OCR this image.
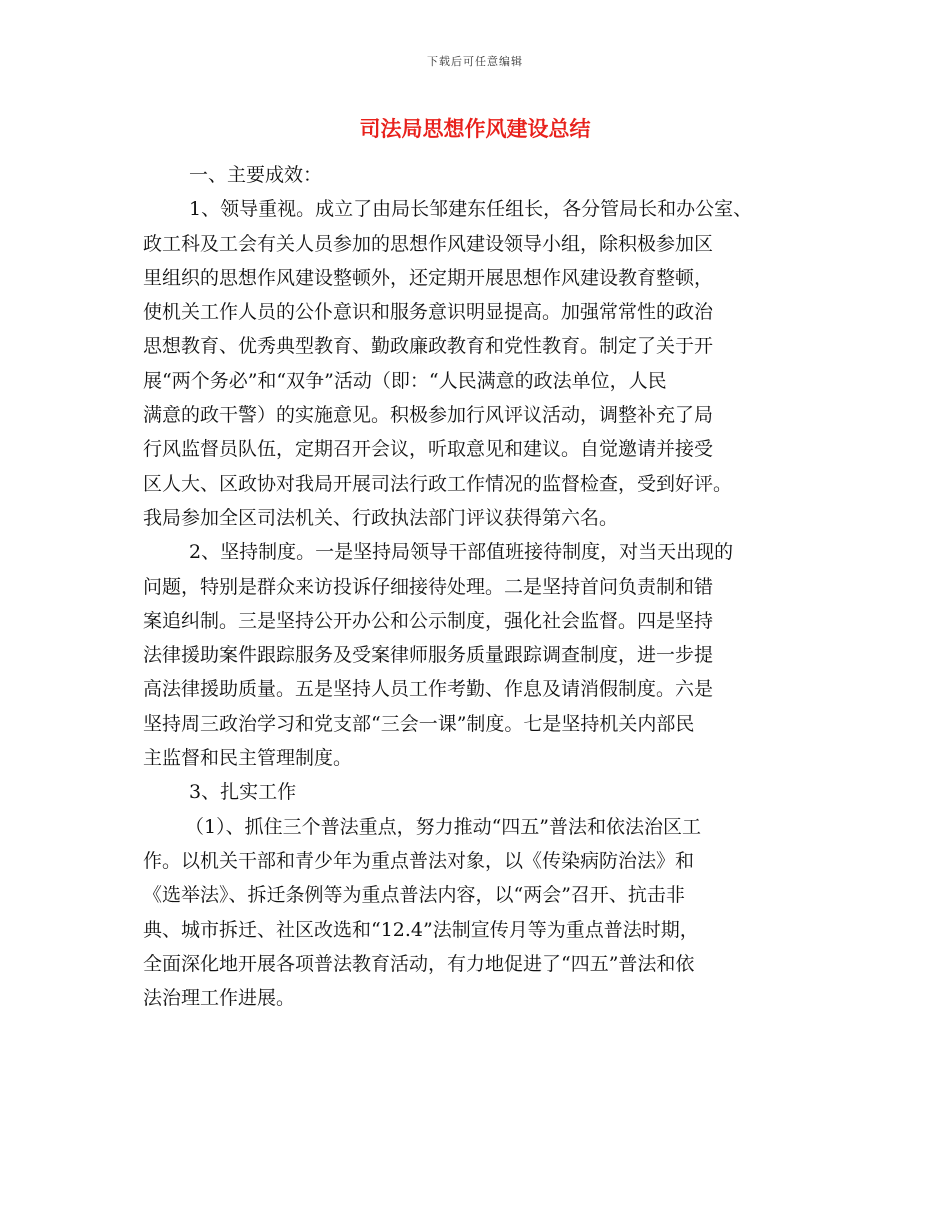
下载后可任意编辑
司法局思想作风建设总结
一、主要成效：
1、领导重视。成立了由局长邹建东任组长，各分管局长和办公室、
政工科及工会有关人员参加的思想作风建设领导小组，除积极参加区
里组织的思想作风建设整顿外，还定期开展思想作风建设教育整顿，
使机关工作人员的公仆意识和服务意识明显提高。加强常常性的政治
思想教育、优秀典型教育、勤政廉政教育和党性教育。制定了关于开
展“两个务必”和“双争”活动（即：“人民满意的政法单位，人民
满意的政干警）的实施意见。积极参加行风评议活动，调整补充了局
行风监督员队伍，定期召开会议，听取意见和建议。自觉邀请并接受
区人大、区政协对我局开展司法行政工作情况的监督检查，受到好评。
我局参加全区司法机关、行政执法部门评议获得第六名。
2、坚持制度。一是坚持局领导干部值班接待制度，对当天出现的
问题，特别是群众来访投诉仔细接待处理。二是坚持首问负责制和错
案追纠制。三是坚持公开办公和公示制度，强化社会监督。四是坚持
法律援助案件跟踪服务及受案律师服务质量跟踪调查制度，进一步提
高法律援助质量。五是坚持人员工作考勤、作息及请消假制度。六是
坚持周三政治学习和党支部“三会一课”制度。七是坚持机关内部民
主监督和民主管理制度。
3、扎实工作
（1）、抓住三个普法重点，努力推动“四五”普法和依法治区工
作。以机关干部和青少年为重点普法对象，以《传染病防治法》和
《选举法》、拆迁条例等为重点普法内容，以“两会”召开、抗击非
典、城市拆迁、社区改选和“12.4”法制宣传月等为重点普法时期，
全面深化地开展各项普法教育活动，有力地促进了“四五”普法和依
法治理工作进展。
